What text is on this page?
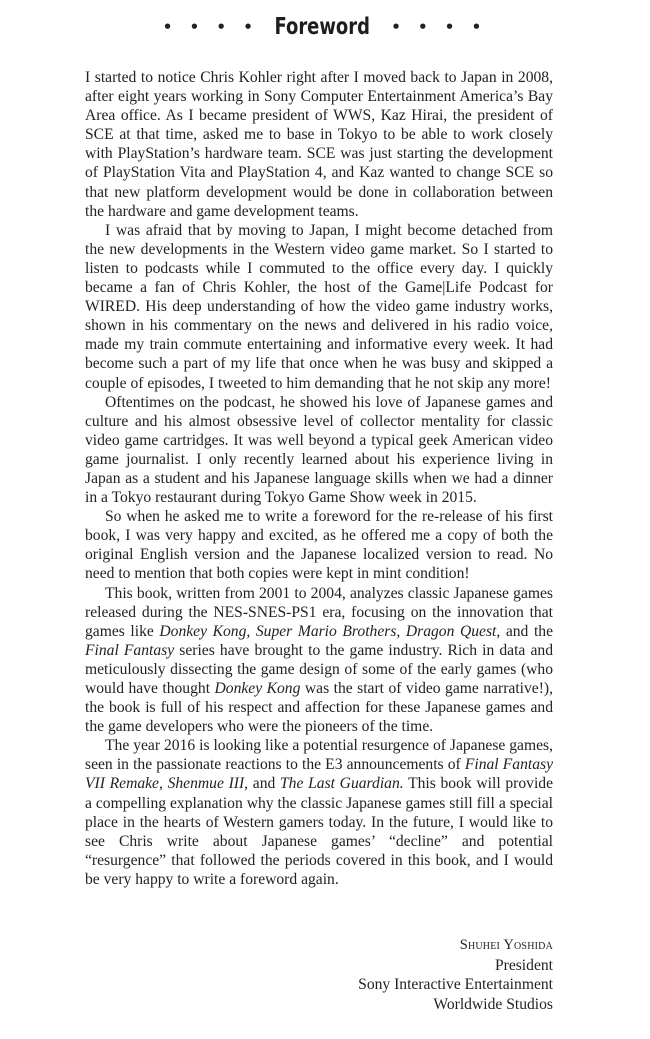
• • • • Foreword • • • •

I started to notice Chris Kohler right after I moved back to Japan in 2008, after eight years working in Sony Computer Entertainment America’s Bay Area office. As I became president of WWS, Kaz Hirai, the president of SCE at that time, asked me to base in Tokyo to be able to work closely with PlayStation’s hardware team. SCE was just starting the development of PlayStation Vita and PlayStation 4, and Kaz wanted to change SCE so that new platform development would be done in collaboration between the hardware and game development teams.

I was afraid that by moving to Japan, I might become detached from the new developments in the Western video game market. So I started to listen to podcasts while I commuted to the office every day. I quickly became a fan of Chris Kohler, the host of the Game|Life Podcast for WIRED. His deep understanding of how the video game industry works, shown in his commentary on the news and delivered in his radio voice, made my train commute entertaining and informative every week. It had become such a part of my life that once when he was busy and skipped a couple of episodes, I tweeted to him demanding that he not skip any more!

Oftentimes on the podcast, he showed his love of Japanese games and culture and his almost obsessive level of collector mentality for classic video game cartridges. It was well beyond a typical geek American video game journalist. I only recently learned about his experience living in Japan as a student and his Japanese language skills when we had a dinner in a Tokyo restaurant during Tokyo Game Show week in 2015.

So when he asked me to write a foreword for the re-release of his first book, I was very happy and excited, as he offered me a copy of both the original English version and the Japanese localized version to read. No need to mention that both copies were kept in mint condition!

This book, written from 2001 to 2004, analyzes classic Japanese games released during the NES-SNES-PS1 era, focusing on the innovation that games like Donkey Kong, Super Mario Brothers, Dragon Quest, and the Final Fantasy series have brought to the game industry. Rich in data and meticulously dissecting the game design of some of the early games (who would have thought Donkey Kong was the start of video game narrative!), the book is full of his respect and affection for these Japanese games and the game developers who were the pioneers of the time.

The year 2016 is looking like a potential resurgence of Japanese games, seen in the passionate reactions to the E3 announcements of Final Fantasy VII Remake, Shenmue III, and The Last Guardian. This book will provide a compelling explanation why the classic Japanese games still fill a special place in the hearts of Western gamers today. In the future, I would like to see Chris write about Japanese games’ “decline” and potential “resurgence” that followed the periods covered in this book, and I would be very happy to write a foreword again.

Shuhei Yoshida
President
Sony Interactive Entertainment
Worldwide Studios
